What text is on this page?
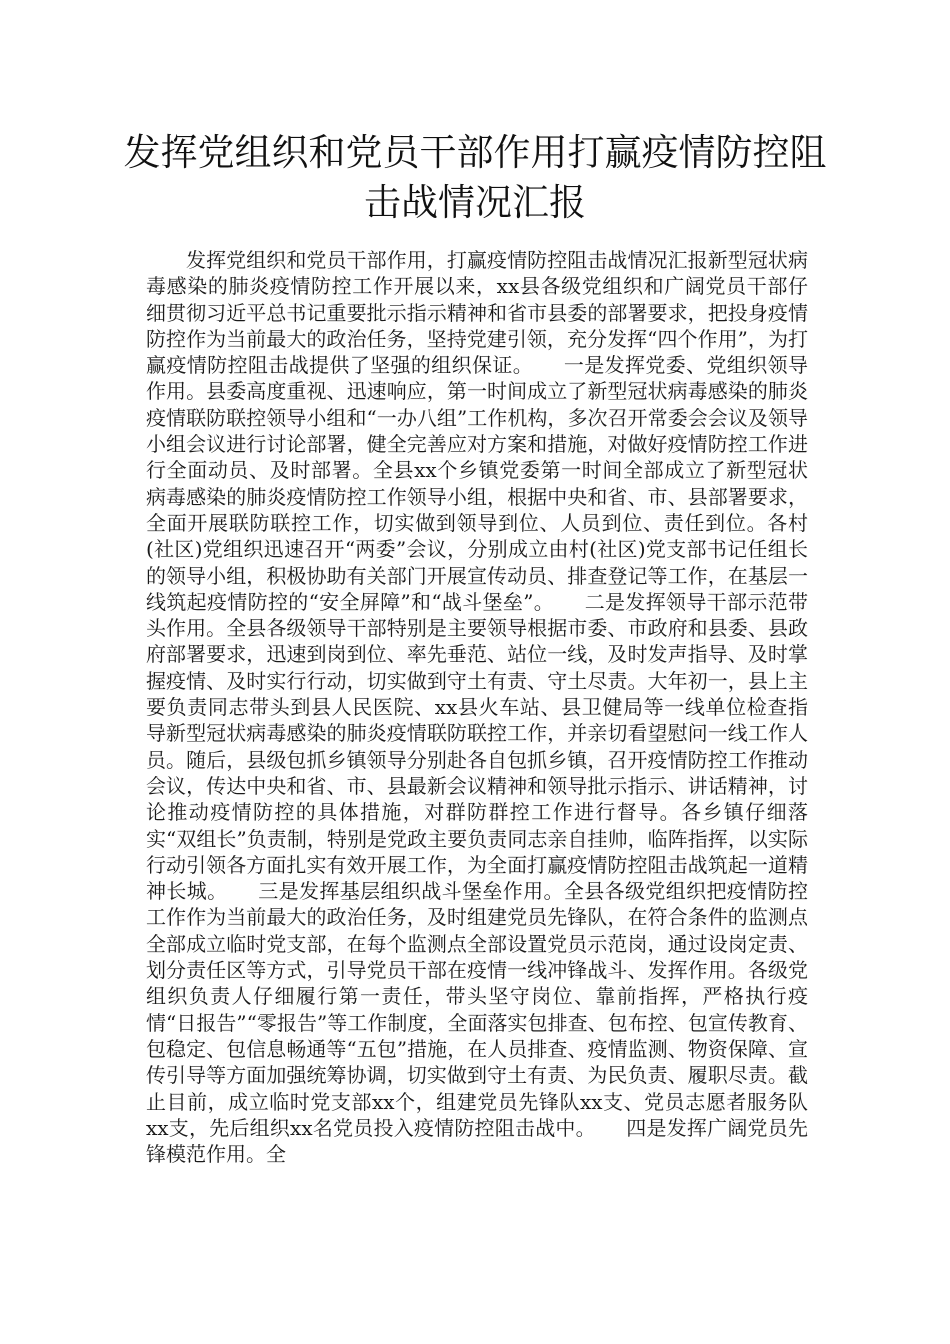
发挥党组织和党员干部作用打赢疫情防控阻击战情况汇报

发挥党组织和党员干部作用，打赢疫情防控阻击战情况汇报新型冠状病毒感染的肺炎疫情防控工作开展以来，xx县各级党组织和广阔党员干部仔细贯彻习近平总书记重要批示指示精神和省市县委的部署要求，把投身疫情防控作为当前最大的政治任务，坚持党建引领，充分发挥“四个作用”，为打赢疫情防控阻击战提供了坚强的组织保证。　　一是发挥党委、党组织领导作用。县委高度重视、迅速响应，第一时间成立了新型冠状病毒感染的肺炎疫情联防联控领导小组和“一办八组”工作机构，多次召开常委会会议及领导小组会议进行讨论部署，健全完善应对方案和措施，对做好疫情防控工作进行全面动员、及时部署。全县xx个乡镇党委第一时间全部成立了新型冠状病毒感染的肺炎疫情防控工作领导小组，根据中央和省、市、县部署要求，全面开展联防联控工作，切实做到领导到位、人员到位、责任到位。各村(社区)党组织迅速召开“两委”会议，分别成立由村(社区)党支部书记任组长的领导小组，积极协助有关部门开展宣传动员、排查登记等工作，在基层一线筑起疫情防控的“安全屏障”和“战斗堡垒”。　　二是发挥领导干部示范带头作用。全县各级领导干部特别是主要领导根据市委、市政府和县委、县政府部署要求，迅速到岗到位、率先垂范、站位一线，及时发声指导、及时掌握疫情、及时实行行动，切实做到守土有责、守土尽责。大年初一，县上主要负责同志带头到县人民医院、xx县火车站、县卫健局等一线单位检查指导新型冠状病毒感染的肺炎疫情联防联控工作，并亲切看望慰问一线工作人员。随后，县级包抓乡镇领导分别赴各自包抓乡镇，召开疫情防控工作推动会议，传达中央和省、市、县最新会议精神和领导批示指示、讲话精神，讨论推动疫情防控的具体措施，对群防群控工作进行督导。各乡镇仔细落实“双组长”负责制，特别是党政主要负责同志亲自挂帅，临阵指挥，以实际行动引领各方面扎实有效开展工作，为全面打赢疫情防控阻击战筑起一道精神长城。　　三是发挥基层组织战斗堡垒作用。全县各级党组织把疫情防控工作作为当前最大的政治任务，及时组建党员先锋队，在符合条件的监测点全部成立临时党支部，在每个监测点全部设置党员示范岗，通过设岗定责、划分责任区等方式，引导党员干部在疫情一线冲锋战斗、发挥作用。各级党组织负责人仔细履行第一责任，带头坚守岗位、靠前指挥，严格执行疫情“日报告”“零报告”等工作制度，全面落实包排查、包布控、包宣传教育、包稳定、包信息畅通等“五包”措施，在人员排查、疫情监测、物资保障、宣传引导等方面加强统筹协调，切实做到守土有责、为民负责、履职尽责。截止目前，成立临时党支部xx个，组建党员先锋队xx支、党员志愿者服务队xx支，先后组织xx名党员投入疫情防控阻击战中。　　四是发挥广阔党员先锋模范作用。全
